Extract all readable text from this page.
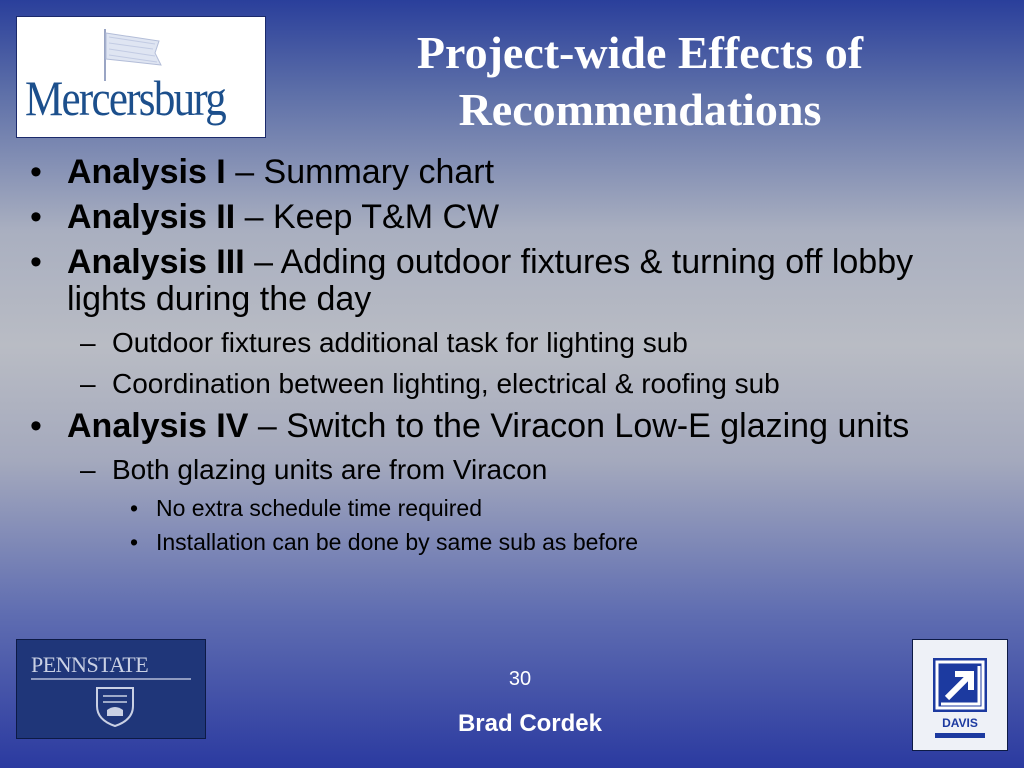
Mercersburg
Project-wide Effects of
Recommendations
• Analysis I – Summary chart
• Analysis II – Keep T&M CW
• Analysis III – Adding outdoor fixtures & turning off lobby lights during the day
– Outdoor fixtures additional task for lighting sub
– Coordination between lighting, electrical & roofing sub
• Analysis IV – Switch to the Viracon Low-E glazing units
– Both glazing units are from Viracon
• No extra schedule time required
• Installation can be done by same sub as before
PENNSTATE
30
Brad Cordek	DAVIS
